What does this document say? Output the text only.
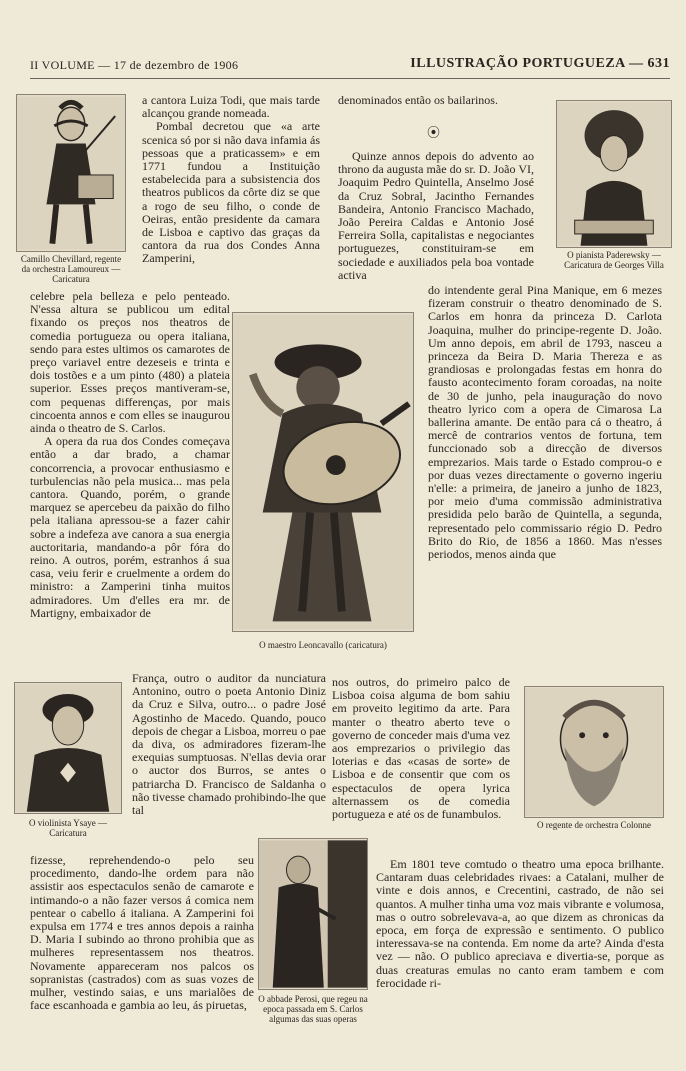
II VOLUME — 17 de dezembro de 1906	ILLUSTRAÇÃO PORTUGUEZA — 631
Camillo Chevillard, regente da orchestra Lamoureux — Caricatura
O pianista Paderewsky — Caricatura de Georges Villa

a cantora Luiza Todi, que mais tarde alcançou grande nomeada.

Pombal decretou que «a arte scenica só por si não dava infamia ás pessoas que a praticassem» e em 1771 fundou a Instituição estabelecida para a subsistencia dos theatros publicos da côrte diz se que a rogo de seu filho, o conde de Oeiras, então presidente da camara de Lisboa e captivo das graças da cantora da rua dos Condes Anna Zamperini,

celebre pela belleza e pelo penteado. N'essa altura se publicou um edital fixando os preços nos theatros de comedia portugueza ou opera italiana, sendo para estes ultimos os camarotes de preço variavel entre dezeseis e trinta e dois tostões e a um pinto (480) a plateia superior. Esses preços mantiveram-se, com pequenas differenças, por mais cincoenta annos e com elles se inaugurou ainda o theatro de S. Carlos.

A opera da rua dos Condes começava então a dar brado, a chamar concorrencia, a provocar enthusiasmo e turbulencias não pela musica... mas pela cantora. Quando, porém, o grande marquez se apercebeu da paixão do filho pela italiana apressou-se a fazer cahir sobre a indefeza ave canora a sua energia auctoritaria, mandando-a pôr fóra do reino. A outros, porém, estranhos á sua casa, veiu ferir e cruelmente a ordem do ministro: a Zamperini tinha muitos admiradores. Um d'elles era mr. de Martigny, embaixador de

denominados então os bailarinos.

⦿

Quinze annos depois do advento ao throno da augusta mãe do sr. D. João VI, Joaquim Pedro Quintella, Anselmo José da Cruz Sobral, Jacintho Fernandes Bandeira, Antonio Francisco Machado, João Pereira Caldas e Antonio José Ferreira Solla, capitalistas e negociantes portuguezes, constituiram-se em sociedade e auxiliados pela boa vontade activa

O maestro Leoncavallo (caricatura)

do intendente geral Pina Manique, em 6 mezes fizeram construir o theatro denominado de S. Carlos em honra da princeza D. Carlota Joaquina, mulher do principe-regente D. João. Um anno depois, em abril de 1793, nasceu a princeza da Beira D. Maria Thereza e as grandiosas e prolongadas festas em honra do fausto acontecimento foram coroadas, na noite de 30 de junho, pela inauguração do novo theatro lyrico com a opera de Cimarosa La ballerina amante. De então para cá o theatro, á mercê de contrarios ventos de fortuna, tem funccionado sob a direcção de diversos emprezarios. Mais tarde o Estado comprou-o e por duas vezes directamente o governo ingeriu n'elle: a primeira, de janeiro a junho de 1823, por meio d'uma commissão administrativa presidida pelo barão de Quintella, a segunda, representado pelo commissario régio D. Pedro Brito do Rio, de 1856 a 1860. Mas n'esses periodos, menos ainda que

O violinista Ysaye — Caricatura

França, outro o auditor da nunciatura Antonino, outro o poeta Antonio Diniz da Cruz e Silva, outro... o padre José Agostinho de Macedo. Quando, pouco depois de chegar a Lisboa, morreu o pae da diva, os admiradores fizeram-lhe exequias sumptuosas. N'ellas devia orar o auctor dos Burros, se antes o patriarcha D. Francisco de Saldanha o não tivesse chamado prohibindo-lhe que tal

fizesse, reprehendendo-o pelo seu procedimento, dando-lhe ordem para não assistir aos espectaculos senão de camarote e intimando-o a não fazer versos á comica nem pentear o cabello á italiana. A Zamperini foi expulsa em 1774 e tres annos depois a rainha D. Maria I subindo ao throno prohibia que as mulheres representassem nos theatros. Novamente appareceram nos palcos os sopranistas (castrados) com as suas vozes de mulher, vestindo saias, e uns marialões de face escanhoada e gambia ao leu, ás piruetas,	O abbade Perosi, que regeu na epoca passada em S. Carlos algumas das suas operas

nos outros, do primeiro palco de Lisboa coisa alguma de bom sahiu em proveito legitimo da arte. Para manter o theatro aberto teve o governo de conceder mais d'uma vez aos emprezarios o privilegio das loterias e das «casas de sorte» de Lisboa e de consentir que com os espectaculos de opera lyrica alternassem os de comedia portugueza e até os de funambulos.

O regente de orchestra Colonne

Em 1801 teve comtudo o theatro uma epoca brilhante. Cantaram duas celebridades rivaes: a Catalani, mulher de vinte e dois annos, e Crecentini, castrado, de não sei quantos. A mulher tinha uma voz mais vibrante e volumosa, mas o outro sobrelevava-a, ao que dizem as chronicas da epoca, em força de expressão e sentimento. O publico interessava-se na contenda. Em nome da arte? Ainda d'esta vez — não. O publico apreciava e divertia-se, porque as duas creaturas emulas no canto eram tambem e com ferocidade ri-
